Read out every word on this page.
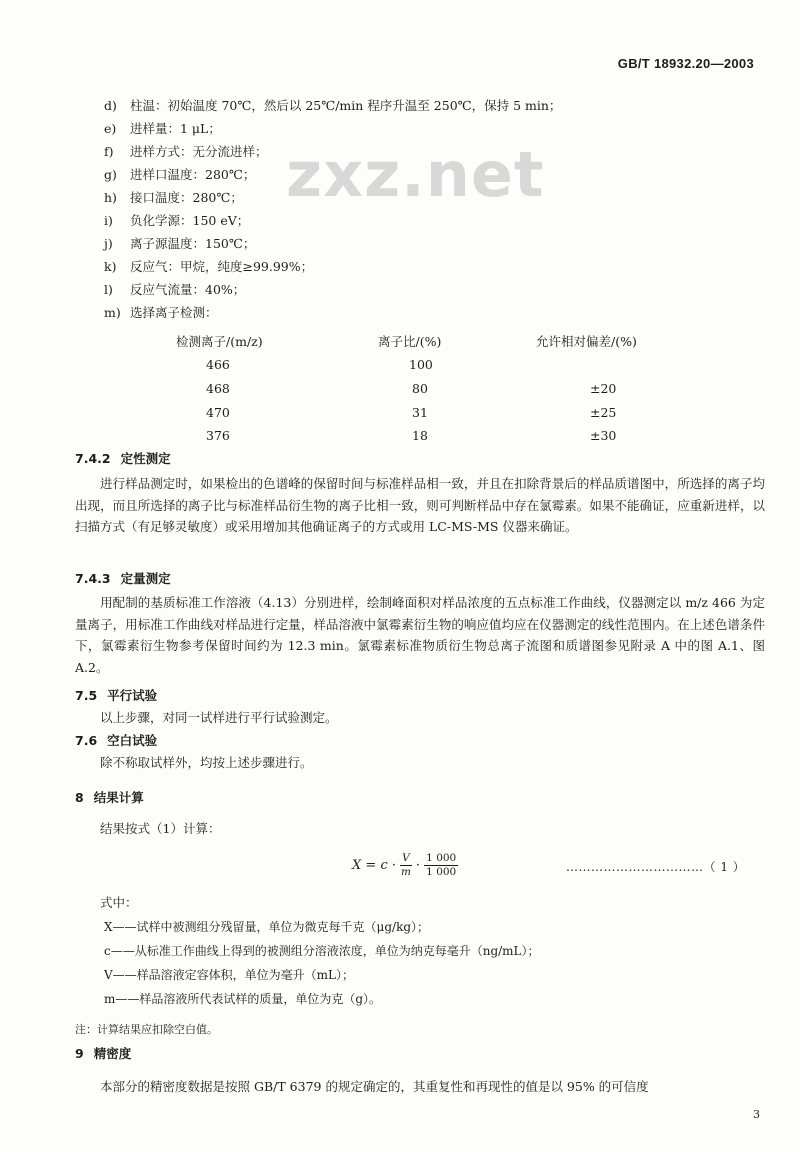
GB/T 18932.20—2003
zxz.net
d) 柱温：初始温度 70℃，然后以 25℃/min 程序升温至 250℃，保持 5 min；
e) 进样量：1 μL；
f) 进样方式：无分流进样；
g) 进样口温度：280℃；
h) 接口温度：280℃；
i) 负化学源：150 eV；
j) 离子源温度：150℃；
k) 反应气：甲烷，纯度≥99.99%；
l) 反应气流量：40%；
m) 选择离子检测：
检测离子/(m/z)	离子比/(%)	允许相对偏差/(%)
466	100
468	80	±20
470	31	±25
376	18	±30
7.4.2 定性测定
进行样品测定时，如果检出的色谱峰的保留时间与标准样品相一致，并且在扣除背景后的样品质谱图中，所选择的离子均出现，而且所选择的离子比与标准样品衍生物的离子比相一致，则可判断样品中存在氯霉素。如果不能确证，应重新进样，以扫描方式（有足够灵敏度）或采用增加其他确证离子的方式或用 LC-MS-MS 仪器来确证。
7.4.3 定量测定
用配制的基质标准工作溶液（4.13）分别进样，绘制峰面积对样品浓度的五点标准工作曲线，仪器测定以 m/z 466 为定量离子，用标准工作曲线对样品进行定量，样品溶液中氯霉素衍生物的响应值均应在仪器测定的线性范围内。在上述色谱条件下，氯霉素衍生物参考保留时间约为 12.3 min。氯霉素标准物质衍生物总离子流图和质谱图参见附录 A 中的图 A.1、图 A.2。
7.5 平行试验
以上步骤，对同一试样进行平行试验测定。
7.6 空白试验
除不称取试样外，均按上述步骤进行。
8 结果计算
结果按式（1）计算：
$X = c \cdot \frac{V}{m} \cdot \frac{1 000}{1 000}$	……………………………（ 1 ）
式中：
X——试样中被测组分残留量，单位为微克每千克（μg/kg）；
c——从标准工作曲线上得到的被测组分溶液浓度，单位为纳克每毫升（ng/mL）；
V——样品溶液定容体积，单位为毫升（mL）；
m——样品溶液所代表试样的质量，单位为克（g）。
注：计算结果应扣除空白值。
9 精密度
本部分的精密度数据是按照 GB/T 6379 的规定确定的，其重复性和再现性的值是以 95% 的可信度
3
